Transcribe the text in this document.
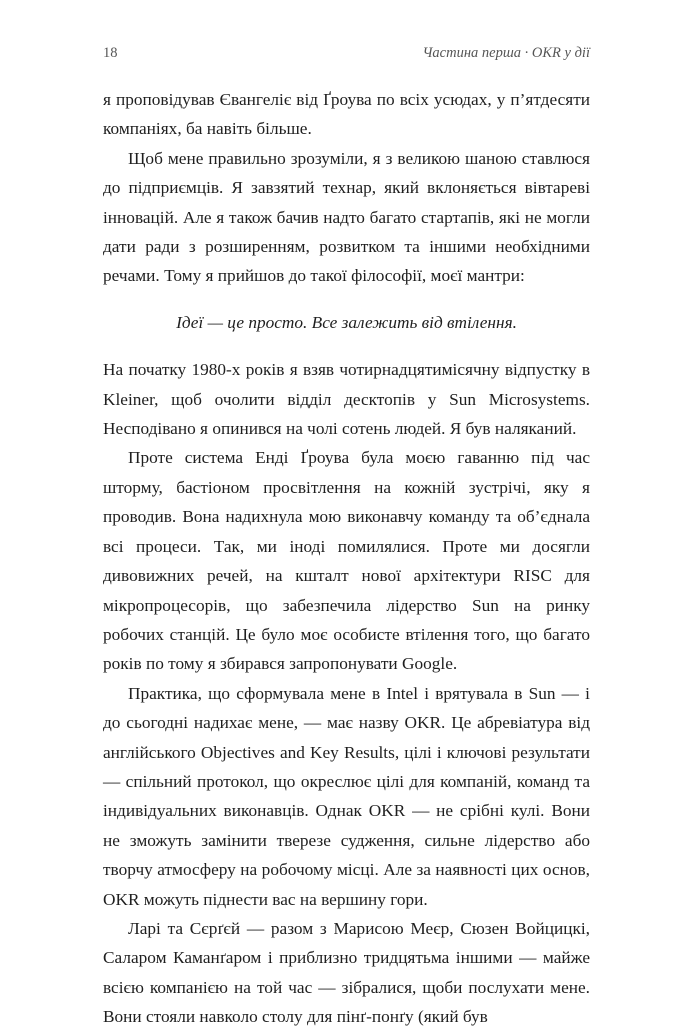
18	Частина перша · OKR у дії

я проповідував Євангеліє від Ґроува по всіх усюдах, у п’ятдесяти компаніях, ба навіть більше.

Щоб мене правильно зрозуміли, я з великою шаною ставлюся до підприємців. Я завзятий технар, який вклоняється вівтареві інновацій. Але я також бачив надто багато стартапів, які не могли дати ради з розширенням, розвитком та іншими необхідними речами. Тому я прийшов до такої філософії, моєї мантри:

Ідеї — це просто. Все залежить від втілення.

На початку 1980-х років я взяв чотирнадцятимісячну відпустку в Kleiner, щоб очолити відділ десктопів у Sun Microsystems. Несподівано я опинився на чолі сотень людей. Я був наляканий.

Проте система Енді Ґроува була моєю гаванню під час шторму, бастіоном просвітлення на кожній зустрічі, яку я проводив. Вона надихнула мою виконавчу команду та об’єднала всі процеси. Так, ми іноді помилялися. Проте ми досягли дивовижних речей, на кшталт нової архітектури RISC для мікропроцесорів, що забезпечила лідерство Sun на ринку робочих станцій. Це було моє особисте втілення того, що багато років по тому я збирався запропонувати Google.

Практика, що сформувала мене в Intel і врятувала в Sun — і до сьогодні надихає мене, — має назву OKR. Це абревіатура від англійського Objectives and Key Results, цілі і ключові результати — спільний протокол, що окреслює цілі для компаній, команд та індивідуальних виконавців. Однак OKR — не срібні кулі. Вони не зможуть замінити тверезе судження, сильне лідерство або творчу атмосферу на робочому місці. Але за наявності цих основ, OKR можуть піднести вас на вершину гори.

Ларі та Сєрґєй — разом з Марисою Меєр, Сюзен Войцицкі, Саларом Каманґаром і приблизно тридцятьма іншими — майже всією компанією на той час — зібралися, щоби послухати мене. Вони стояли навколо столу для пінґ-понґу (який був
